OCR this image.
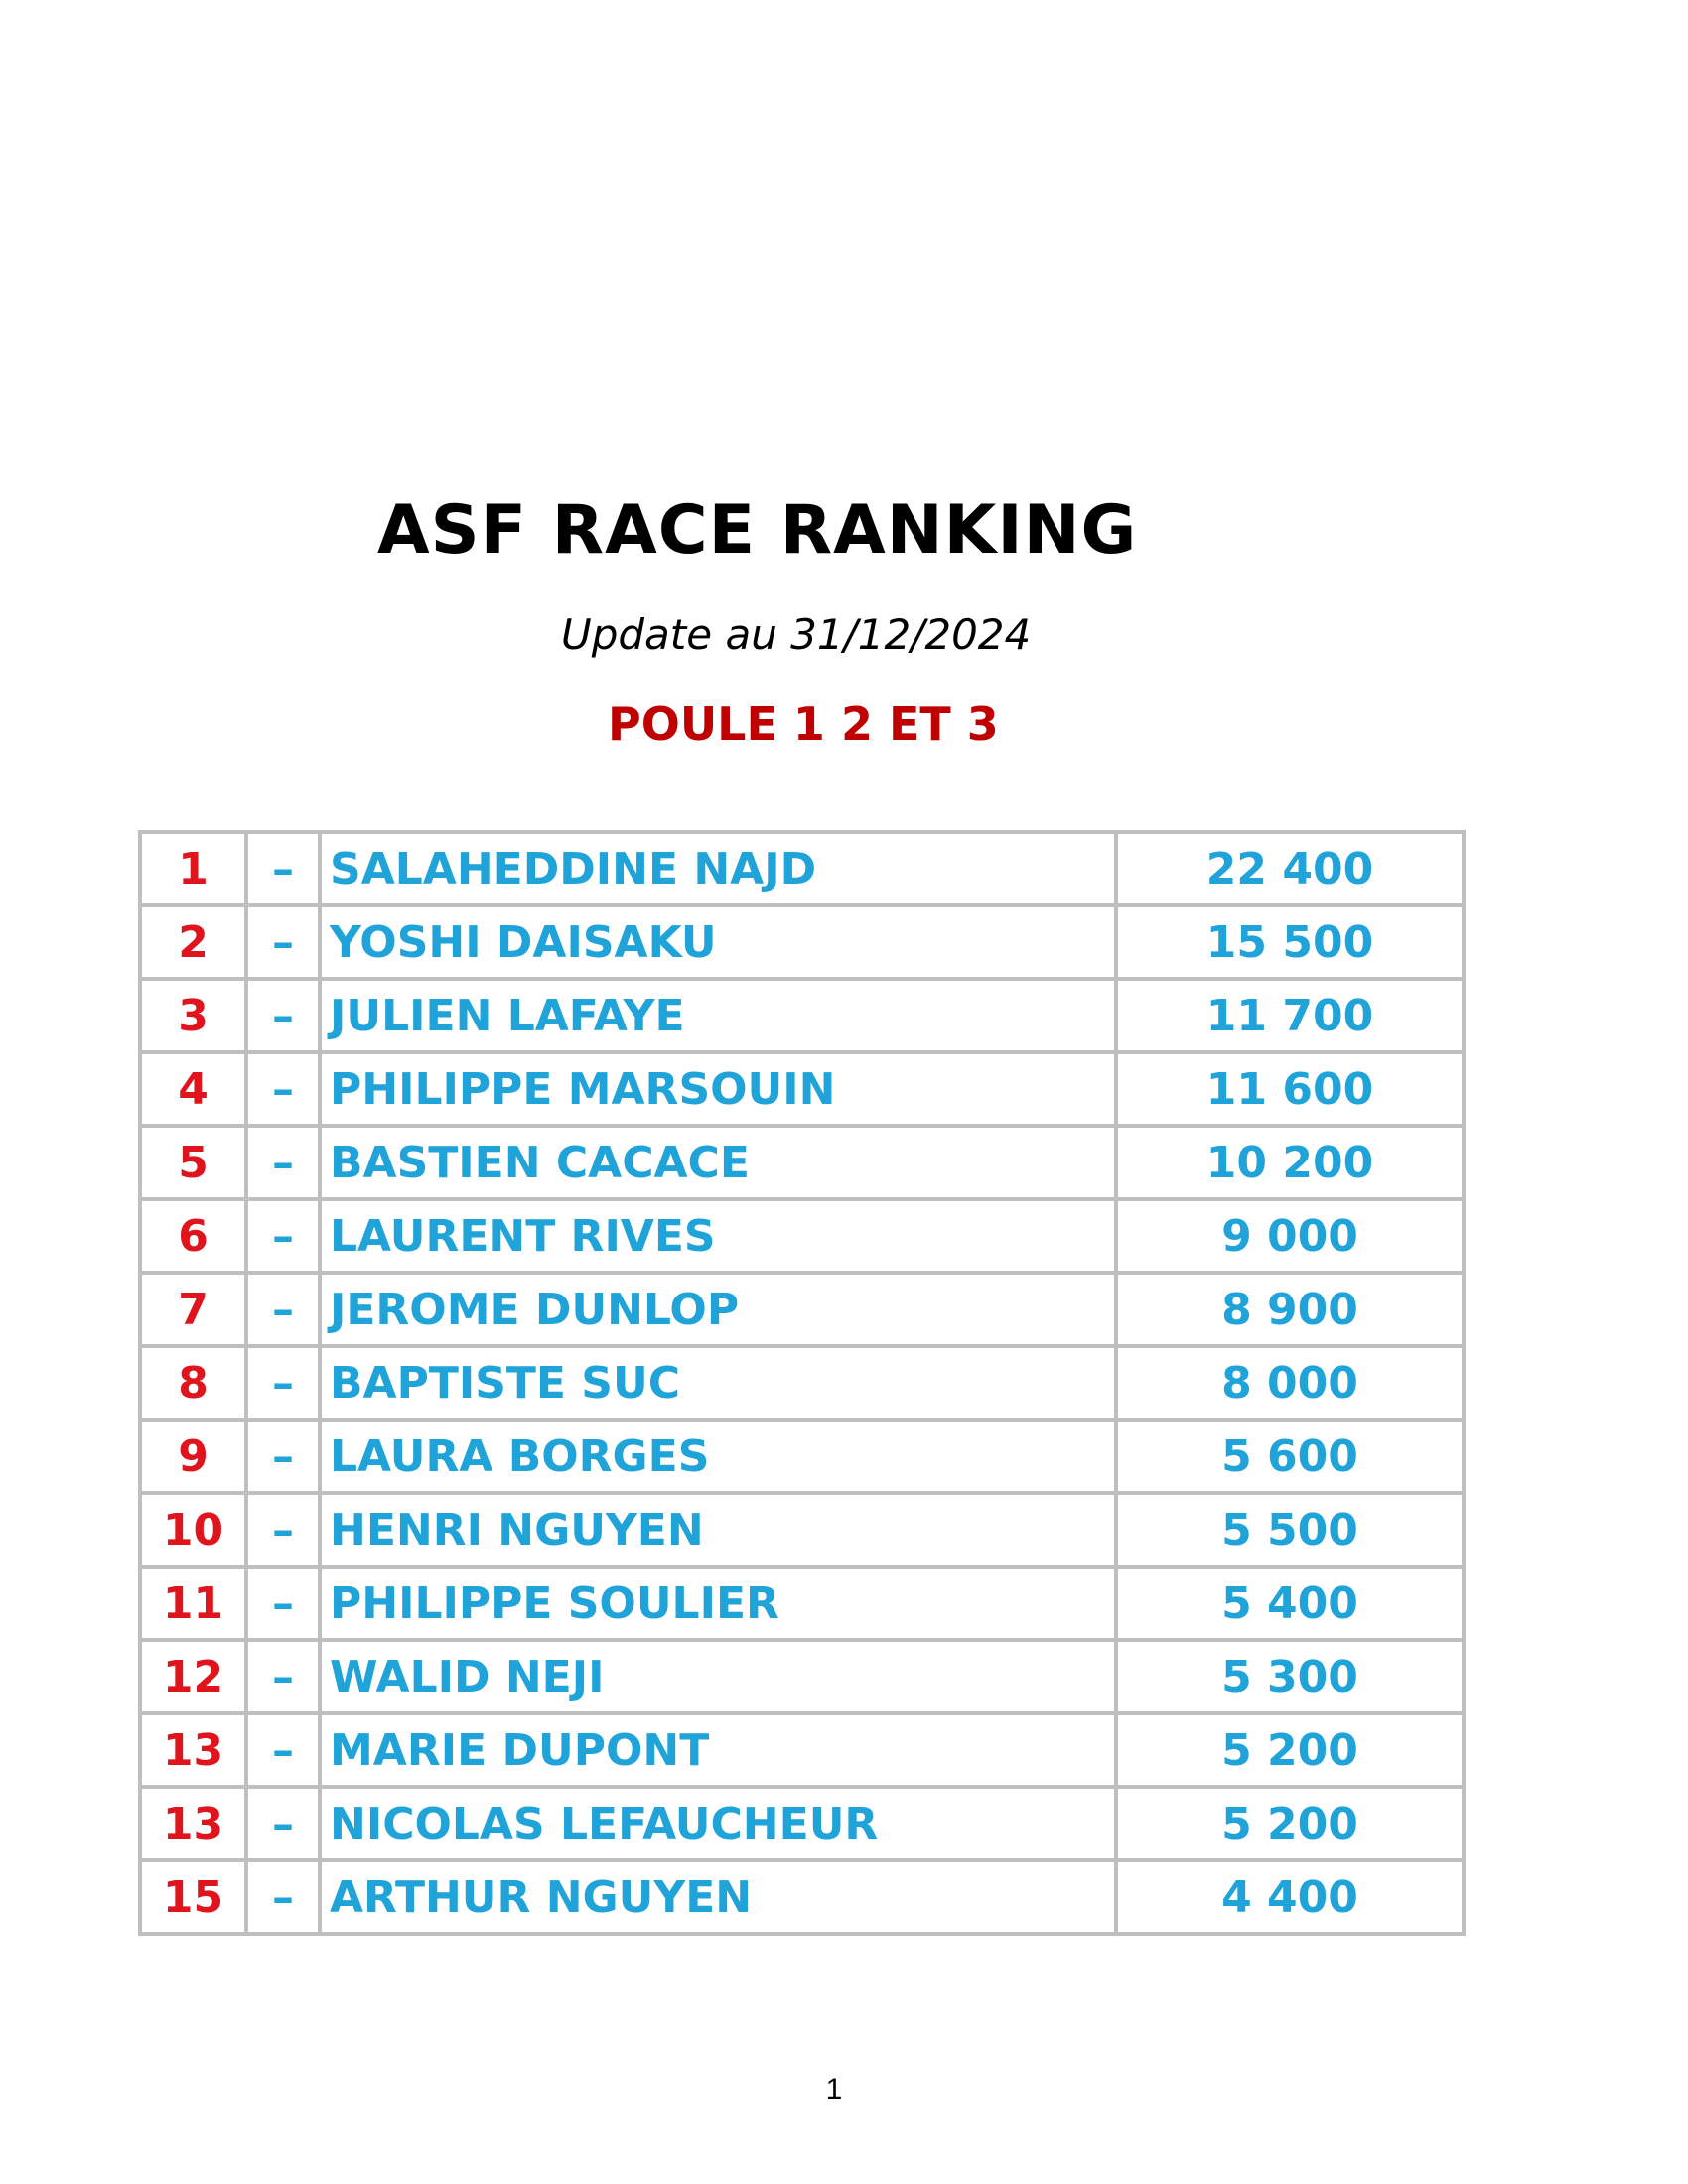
ASF RACE RANKING

Update au 31/12/2024

POULE 1 2 ET 3
1	–	SALAHEDDINE NAJD	22 400
2	–	YOSHI DAISAKU	15 500
3	–	JULIEN LAFAYE	11 700
4	–	PHILIPPE MARSOUIN	11 600
5	–	BASTIEN CACACE	10 200
6	–	LAURENT RIVES	9 000
7	–	JEROME DUNLOP	8 900
8	–	BAPTISTE SUC	8 000
9	–	LAURA BORGES	5 600
10	–	HENRI NGUYEN	5 500
11	–	PHILIPPE SOULIER	5 400
12	–	WALID NEJI	5 300
13	–	MARIE DUPONT	5 200
13	–	NICOLAS LEFAUCHEUR	5 200
15	–	ARTHUR NGUYEN	4 400

1
